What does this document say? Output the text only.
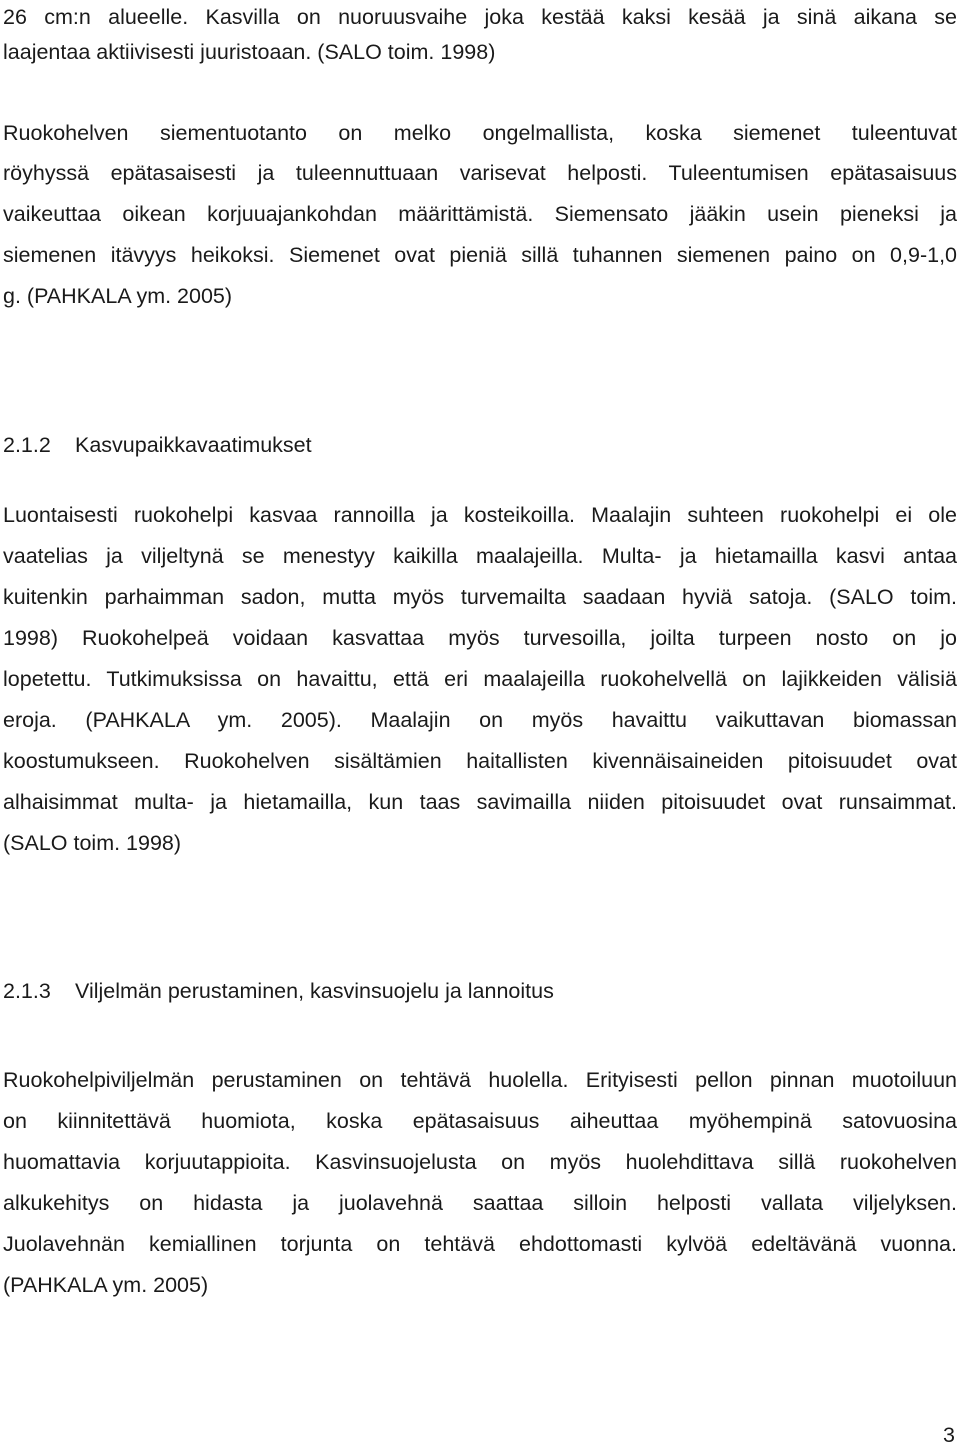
26 cm:n alueelle. Kasvilla on nuoruusvaihe joka kestää kaksi kesää ja sinä aikana se
laajentaa aktiivisesti juuristoaan. (SALO toim. 1998)
Ruokohelven siementuotanto on melko ongelmallista, koska siemenet tuleentuvat
röyhyssä epätasaisesti ja tuleennuttuaan varisevat helposti. Tuleentumisen epätasaisuus
vaikeuttaa oikean korjuuajankohdan määrittämistä. Siemensato jääkin usein pieneksi ja
siemenen itävyys heikoksi. Siemenet ovat pieniä sillä tuhannen siemenen paino on 0,9-1,0
g. (PAHKALA ym. 2005)
2.1.2 Kasvupaikkavaatimukset
Luontaisesti ruokohelpi kasvaa rannoilla ja kosteikoilla. Maalajin suhteen ruokohelpi ei ole
vaatelias ja viljeltynä se menestyy kaikilla maalajeilla. Multa- ja hietamailla kasvi antaa
kuitenkin parhaimman sadon, mutta myös turvemailta saadaan hyviä satoja. (SALO toim.
1998) Ruokohelpeä voidaan kasvattaa myös turvesoilla, joilta turpeen nosto on jo
lopetettu. Tutkimuksissa on havaittu, että eri maalajeilla ruokohelvellä on lajikkeiden välisiä
eroja. (PAHKALA ym. 2005). Maalajin on myös havaittu vaikuttavan biomassan
koostumukseen. Ruokohelven sisältämien haitallisten kivennäisaineiden pitoisuudet ovat
alhaisimmat multa- ja hietamailla, kun taas savimailla niiden pitoisuudet ovat runsaimmat.
(SALO toim. 1998)
2.1.3 Viljelmän perustaminen, kasvinsuojelu ja lannoitus
Ruokohelpiviljelmän perustaminen on tehtävä huolella. Erityisesti pellon pinnan muotoiluun
on kiinnitettävä huomiota, koska epätasaisuus aiheuttaa myöhempinä satovuosina
huomattavia korjuutappioita. Kasvinsuojelusta on myös huolehdittava sillä ruokohelven
alkukehitys on hidasta ja juolavehnä saattaa silloin helposti vallata viljelyksen.
Juolavehnän kemiallinen torjunta on tehtävä ehdottomasti kylvöä edeltävänä vuonna.
(PAHKALA ym. 2005)
3
